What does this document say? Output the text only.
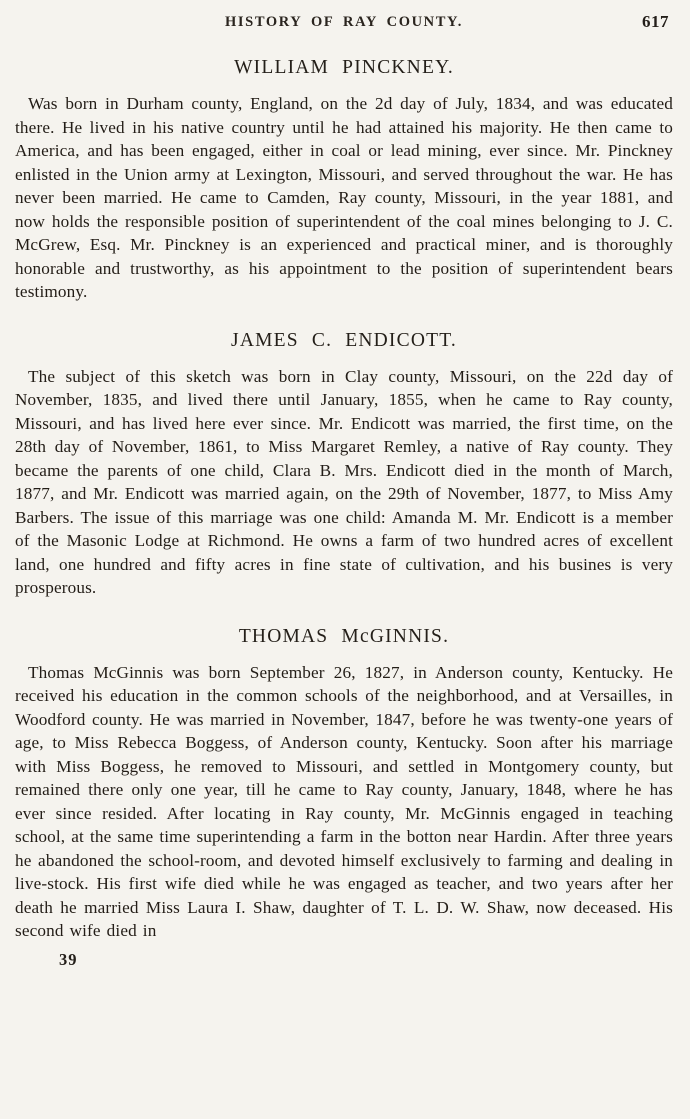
HISTORY OF RAY COUNTY.	617
WILLIAM PINCKNEY.

Was born in Durham county, England, on the 2d day of July, 1834, and was educated there. He lived in his native country until he had attained his majority. He then came to America, and has been engaged, either in coal or lead mining, ever since. Mr. Pinckney enlisted in the Union army at Lexington, Missouri, and served throughout the war. He has never been married. He came to Camden, Ray county, Missouri, in the year 1881, and now holds the responsible position of superintendent of the coal mines belonging to J. C. McGrew, Esq. Mr. Pinckney is an experienced and practical miner, and is thoroughly honorable and trustworthy, as his appointment to the position of superintendent bears testimony.

JAMES C. ENDICOTT.

The subject of this sketch was born in Clay county, Missouri, on the 22d day of November, 1835, and lived there until January, 1855, when he came to Ray county, Missouri, and has lived here ever since. Mr. Endicott was married, the first time, on the 28th day of November, 1861, to Miss Margaret Remley, a native of Ray county. They became the parents of one child, Clara B. Mrs. Endicott died in the month of March, 1877, and Mr. Endicott was married again, on the 29th of November, 1877, to Miss Amy Barbers. The issue of this marriage was one child: Amanda M. Mr. Endicott is a member of the Masonic Lodge at Richmond. He owns a farm of two hundred acres of excellent land, one hundred and fifty acres in fine state of cultivation, and his busines is very prosperous.

THOMAS McGINNIS.

Thomas McGinnis was born September 26, 1827, in Anderson county, Kentucky. He received his education in the common schools of the neighborhood, and at Versailles, in Woodford county. He was married in November, 1847, before he was twenty-one years of age, to Miss Rebecca Boggess, of Anderson county, Kentucky. Soon after his marriage with Miss Boggess, he removed to Missouri, and settled in Montgomery county, but remained there only one year, till he came to Ray county, January, 1848, where he has ever since resided. After locating in Ray county, Mr. McGinnis engaged in teaching school, at the same time superintending a farm in the botton near Hardin. After three years he abandoned the school-room, and devoted himself exclusively to farming and dealing in live-stock. His first wife died while he was engaged as teacher, and two years after her death he married Miss Laura I. Shaw, daughter of T. L. D. W. Shaw, now deceased. His second wife died in

39
